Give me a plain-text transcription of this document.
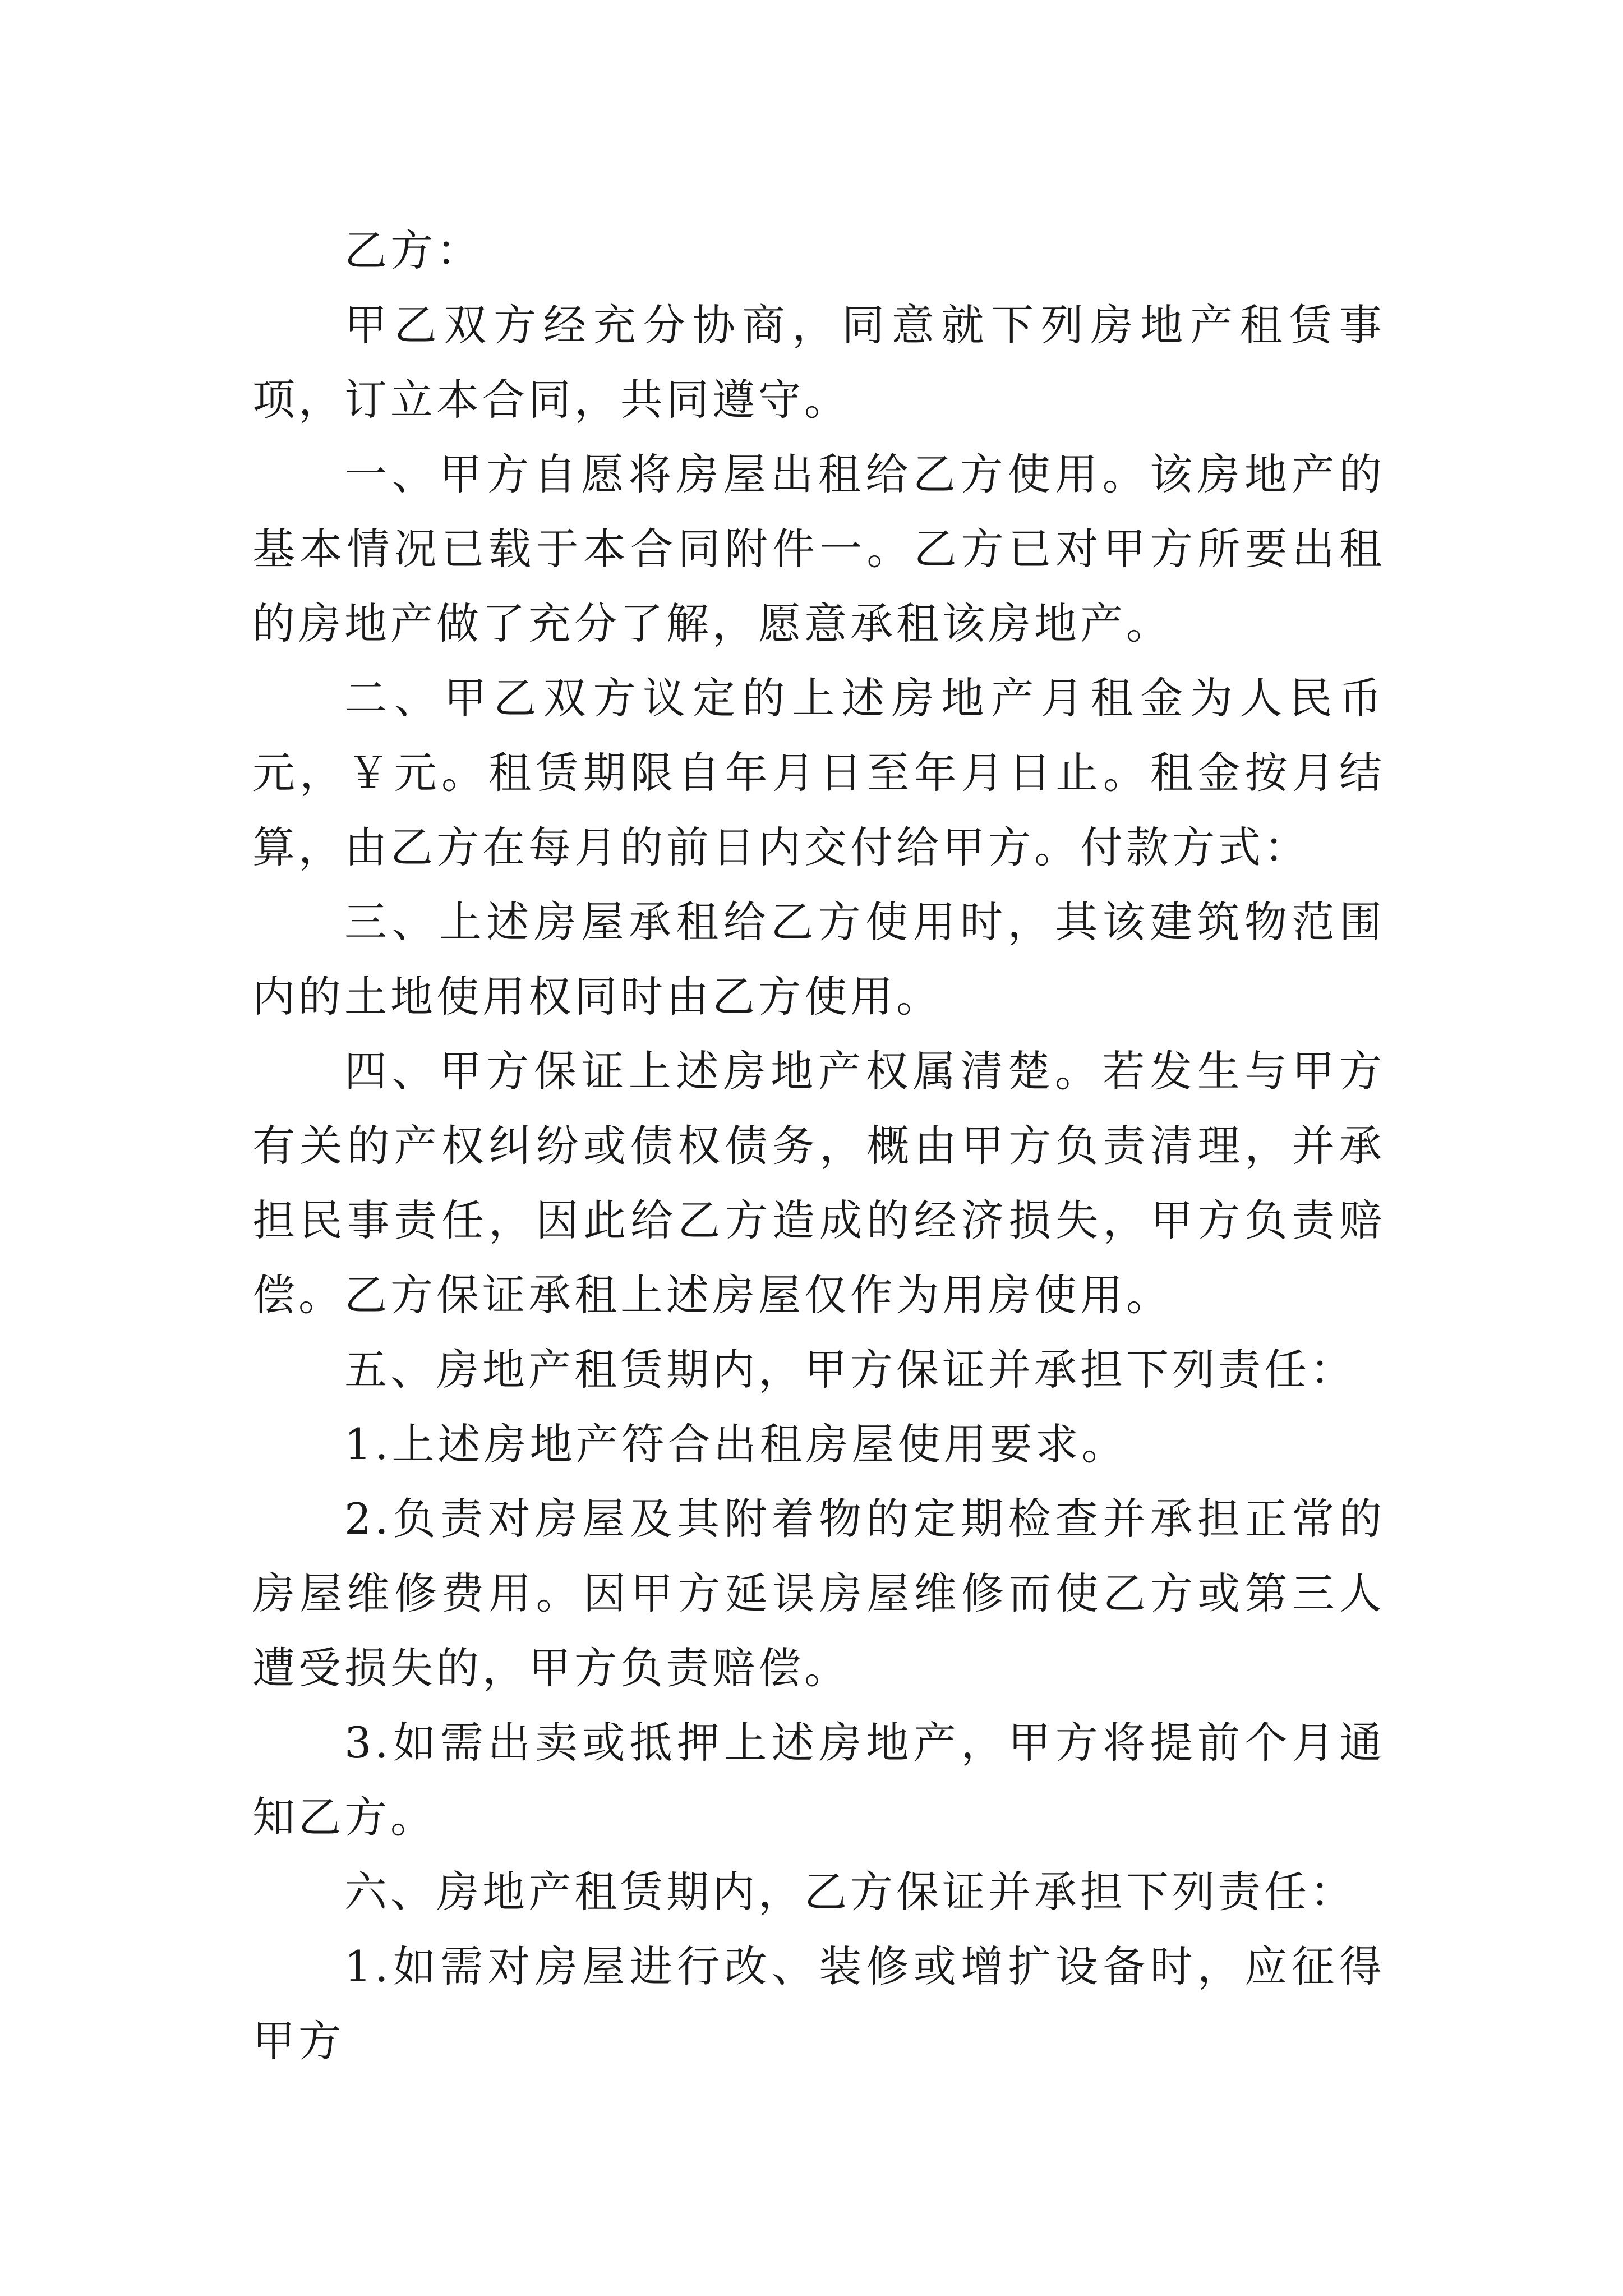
乙方：

甲乙双方经充分协商，同意就下列房地产租赁事项，订立本合同，共同遵守。

一、甲方自愿将房屋出租给乙方使用。该房地产的基本情况已载于本合同附件一。乙方已对甲方所要出租的房地产做了充分了解，愿意承租该房地产。

二、甲乙双方议定的上述房地产月租金为人民币元，￥元。租赁期限自年月日至年月日止。租金按月结算，由乙方在每月的前日内交付给甲方。付款方式：

三、上述房屋承租给乙方使用时，其该建筑物范围内的土地使用权同时由乙方使用。

四、甲方保证上述房地产权属清楚。若发生与甲方有关的产权纠纷或债权债务，概由甲方负责清理，并承担民事责任，因此给乙方造成的经济损失，甲方负责赔偿。乙方保证承租上述房屋仅作为用房使用。

五、房地产租赁期内，甲方保证并承担下列责任：

1.上述房地产符合出租房屋使用要求。

2.负责对房屋及其附着物的定期检查并承担正常的房屋维修费用。因甲方延误房屋维修而使乙方或第三人遭受损失的，甲方负责赔偿。

3.如需出卖或抵押上述房地产，甲方将提前个月通知乙方。

六、房地产租赁期内，乙方保证并承担下列责任：

1.如需对房屋进行改、装修或增扩设备时，应征得甲方
